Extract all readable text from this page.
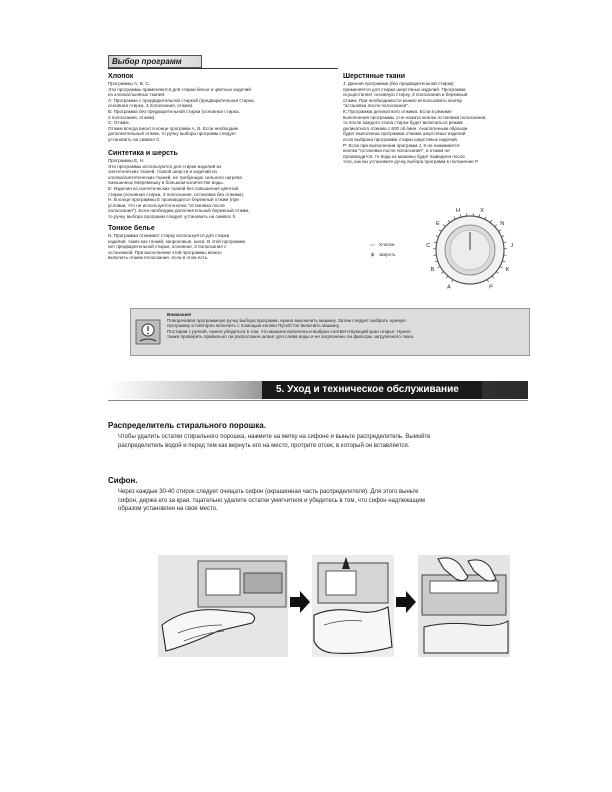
Выбор программ
Хлопок
Программы А, В, С.
Эти программы применяются для стирки белья и цветных изделий
из хлопка/льняных тканей.
А: Программа с предварительной стиркой (предварительная стирка,
основная стирка, 3 полоскания, отжим).
В: Программа без предварительной стирки (основная стирка,
3 полоскания, отжим).
С: Отжим.
Отжим всегда висит в конце программ А, В. Если необходим
дополнительный отжим, то ручку выбора программ следует
установить на символ С.
Синтетика и шерсть
Программы Е, Н.
Эти программы используются для стирки изделий из
синтетических тканей, тонкой шерсти и изделий из
хлопка/синтетических тканей, не требующих сильного нагрева
смешанных вперемешку в большом количестве воды.
Е: Изделия из синтетических тканей без повышения цветной
стирки (основная стирка, 3 полоскания, остановка без отжима).
Н: В конце программы Е производится бережный отжим (при
условии, что не используется кнопка "остановка после
полоскания"). Если необходим дополнительный бережный отжим,
то ручку выбора программ следует установить на символ Х.
Тонкое белье
N: Программа отжимает стирку используется для стирки
изделий, таких как тонкий, капроновые, шелк. В этой программе
нет предварительной стирки, основная, 3 полоскания с
остановкой. При выполнении этой программы можно
включить отжим полоскание, если в этом есть.
Шерстяные ткани
J: Данная программа (без предварительной стирки)
применяется для стирки шерстяных изделий. Программа
осуществляет основную стирку, 3 полоскания и бережный
отжим. При необходимости можно использовать кнопку
"остановка после полоскания".
К: Программа деликатного отжима. Если в режиме
выполнения программы J не нажата кнопка остановки полоскания,
то после каждого этапа стирки будет включаться режим
деликатного отжима с 600 об./мин. Аналогичным образом
будет выполнена программа отжима шерстяных изделий
если выбрана программа стирки шерстяных изделий.
Р: Если при выполнении программ J, К не нажимается
кнопка "остановка после полоскания", и отжим не
производится, то вода из машины будет выведена после
того, как вы установите ручку выбора программ в положение Р.
A
B
C
E
H	X
N
J
K
P
〰 Хлопок
⚘ Шерсть
Внимание!
Поворачивая программную ручку выбора программ, нужно выключить машину. Затем следует выбрать нужную
программу и повторно включить с помощью кнопки Пуск/Стоп включить машину.
Постирав с ручкой, нужно убедиться в том, что машина включена и выбран соответствующий кран открыт. Нужно
также проверить правильно ли расположен шланг для слива воды и не загрязнены ли фильтры загрузочного люка.
5. Уход и техническое обслуживание
Распределитель стирального порошка.
Чтобы удалить остатки стирального порошка, нажмите на метку на сифоне и выньте распределитель. Вымойте
распределитель водой и перед тем как вернуть его на место, протрите отсек, в который он вставляется.
Сифон.
Через каждые 30-40 стирок следует очищать сифон (окрашенная часть распределителя). Для этого выньте
сифон, держа его за края, тщательно удалите остатки умягчителя и убедитесь в том, что сифон надлежащим
образом установлен на свое место.
